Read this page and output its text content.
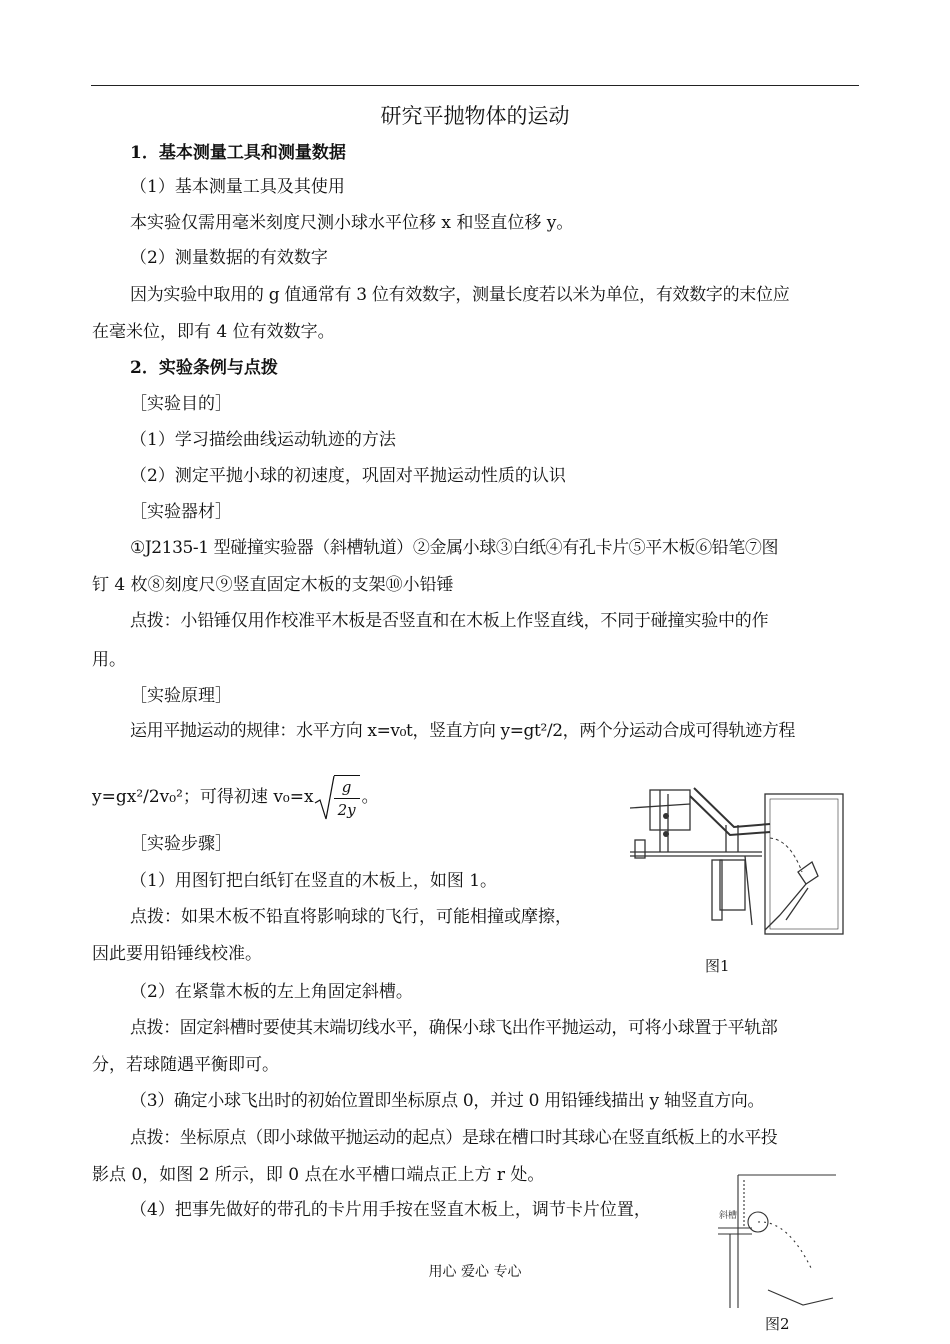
研究平抛物体的运动
1．基本测量工具和测量数据
（1）基本测量工具及其使用
本实验仅需用毫米刻度尺测小球水平位移 x 和竖直位移 y。
（2）测量数据的有效数字
因为实验中取用的 g 值通常有 3 位有效数字，测量长度若以米为单位，有效数字的末位应
在毫米位，即有 4 位有效数字。
2．实验条例与点拨
［实验目的］
（1）学习描绘曲线运动轨迹的方法
（2）测定平抛小球的初速度，巩固对平抛运动性质的认识
［实验器材］
①J2135-1 型碰撞实验器（斜槽轨道）②金属小球③白纸④有孔卡片⑤平木板⑥铅笔⑦图
钉 4 枚⑧刻度尺⑨竖直固定木板的支架⑩小铅锤
点拨：小铅锤仅用作校准平木板是否竖直和在木板上作竖直线，不同于碰撞实验中的作
用。
［实验原理］
运用平抛运动的规律：水平方向 x=v₀t，竖直方向 y=gt²/2，两个分运动合成可得轨迹方程
y=gx²/2v₀²；可得初速 $v_0=x \frac{g}{2y}$ 。
［实验步骤］
（1）用图钉把白纸钉在竖直的木板上，如图 1。
点拨：如果木板不铅直将影响球的飞行，可能相撞或摩擦，
因此要用铅锤线校准。
（2）在紧靠木板的左上角固定斜槽。
点拨：固定斜槽时要使其末端切线水平，确保小球飞出作平抛运动，可将小球置于平轨部
分，若球随遇平衡即可。
（3）确定小球飞出时的初始位置即坐标原点 0，并过 0 用铅锤线描出 y 轴竖直方向。
点拨：坐标原点（即小球做平抛运动的起点）是球在槽口时其球心在竖直纸板上的水平投
影点 0，如图 2 所示，即 0 点在水平槽口端点正上方 r 处。
（4）把事先做好的带孔的卡片用手按在竖直木板上，调节卡片位置，
图1
斜槽
图2
用心 爱心 专心
